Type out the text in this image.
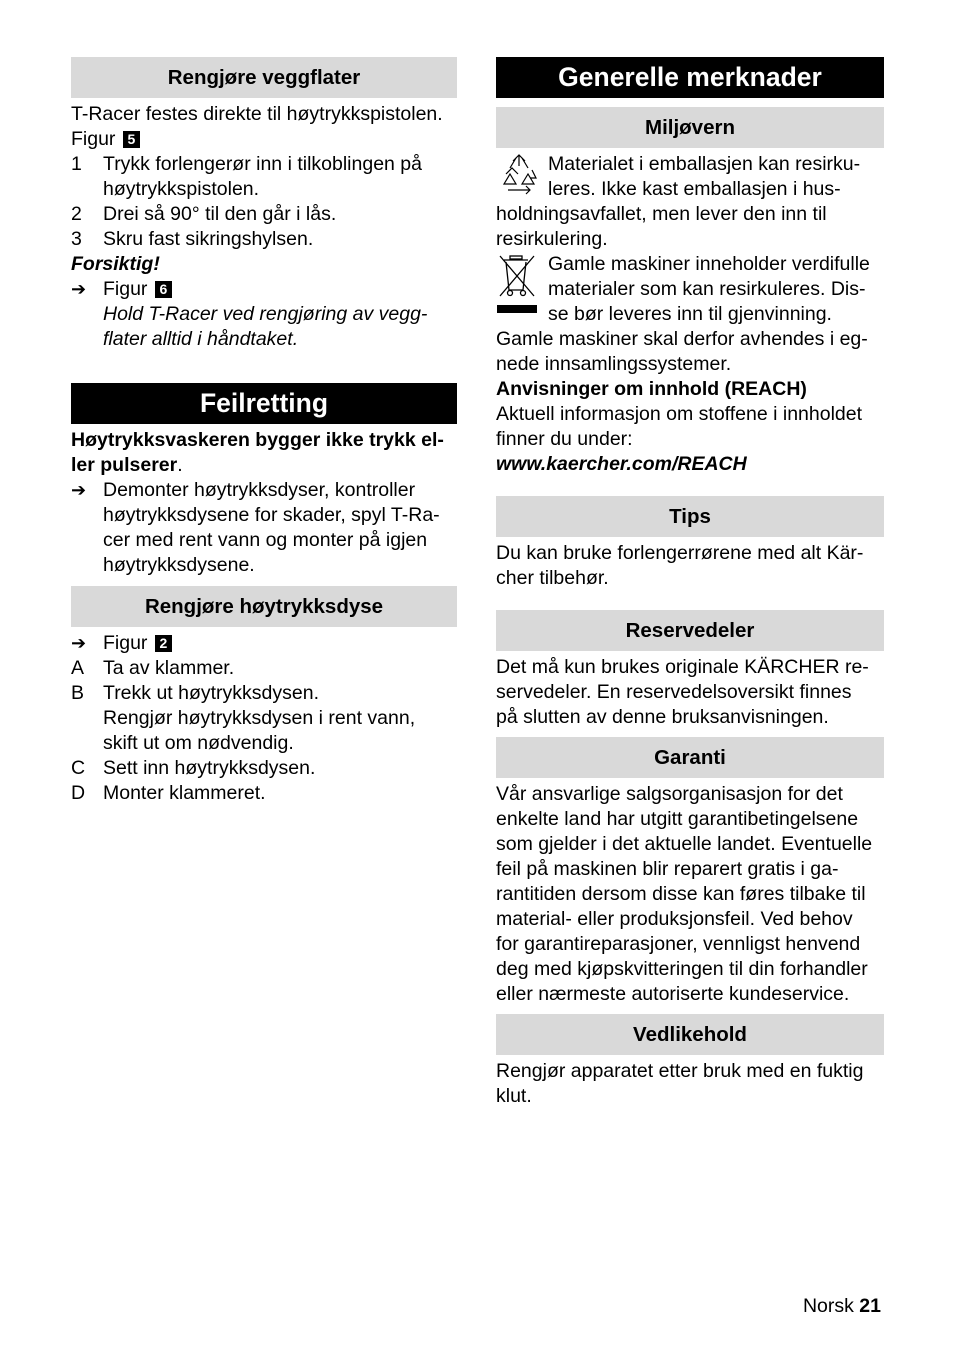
Rengjøre veggflater

T-Racer festes direkte til høytrykkspistolen.

Figur 5

1	Trykk forlengerør inn i tilkoblingen på
høytrykkspistolen.
2	Drei så 90° til den går i lås.
3	Skru fast sikringshylsen.

Forsiktig!

➔ Figur 6
Hold T-Racer ved rengjøring av vegg-
flater alltid i håndtaket.
Feilretting

Høytrykksvaskeren bygger ikke trykk el-
ler pulserer.

➔ Demonter høytrykksdyser, kontroller
høytrykksdysene for skader, spyl T-Ra-
cer med rent vann og monter på igjen
høytrykksdysene.
Rengjøre høytrykksdyse
➔ Figur 2
A Ta av klammer.
B Trekk ut høytrykksdysen.
Rengjør høytrykksdysen i rent vann,
skift ut om nødvendig.
C Sett inn høytrykksdysen.
D Monter klammeret.
Generelle merknader
Miljøvern

Materialet i emballasjen kan resirku-
leres. Ikke kast emballasjen i hus-
holdningsavfallet, men lever den inn til
resirkulering.

Gamle maskiner inneholder verdifulle
materialer som kan resirkuleres. Dis-
se bør leveres inn til gjenvinning.
Gamle maskiner skal derfor avhendes i eg-
nede innsamlingssystemer.

Anvisninger om innhold (REACH)

Aktuell informasjon om stoffene i innholdet
finner du under:

www.kaercher.com/REACH

Tips

Du kan bruke forlengerrørene med alt Kär-
cher tilbehør.

Reservedeler

Det må kun brukes originale KÄRCHER re-
servedeler. En reservedelsoversikt finnes
på slutten av denne bruksanvisningen.

Garanti

Vår ansvarlige salgsorganisasjon for det
enkelte land har utgitt garantibetingelsene
som gjelder i det aktuelle landet. Eventuelle
feil på maskinen blir reparert gratis i ga-
rantitiden dersom disse kan føres tilbake til
material- eller produksjonsfeil. Ved behov
for garantireparasjoner, vennligst henvend
deg med kjøpskvitteringen til din forhandler
eller nærmeste autoriserte kundeservice.

Vedlikehold

Rengjør apparatet etter bruk med en fuktig
klut.

Norsk 21
